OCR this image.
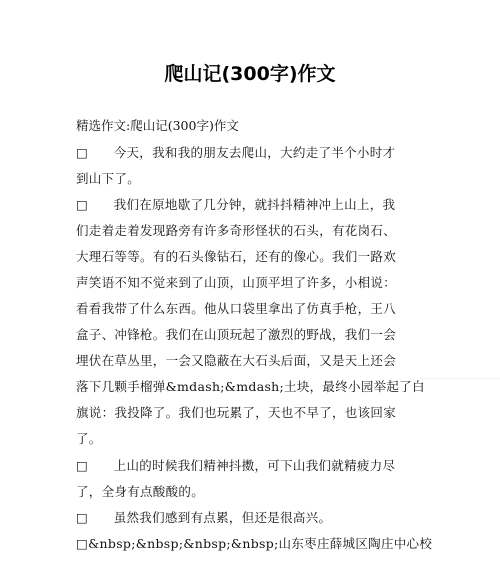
爬山记(300字)作文
精选作文:爬山记(300字)作文
□　　今天，我和我的朋友去爬山，大约走了半个小时才
到山下了。
□　　我们在原地歇了几分钟，就抖抖精神冲上山上，我
们走着走着发现路旁有许多奇形怪状的石头，有花岗石、
大理石等等。有的石头像钻石，还有的像心。我们一路欢
声笑语不知不觉来到了山顶，山顶平坦了许多，小相说：
看看我带了什么东西。他从口袋里拿出了仿真手枪，王八
盒子、冲锋枪。我们在山顶玩起了激烈的野战，我们一会
埋伏在草丛里，一会又隐蔽在大石头后面，又是天上还会
落下几颗手榴弹&mdash;&mdash;土块，最终小园举起了白
旗说：我投降了。我们也玩累了，天也不早了，也该回家
了。
□　　上山的时候我们精神抖擞，可下山我们就精疲力尽
了，全身有点酸酸的。
□　　虽然我们感到有点累，但还是很高兴。
□&nbsp;&nbsp;&nbsp;&nbsp;山东枣庄薛城区陶庄中心校
